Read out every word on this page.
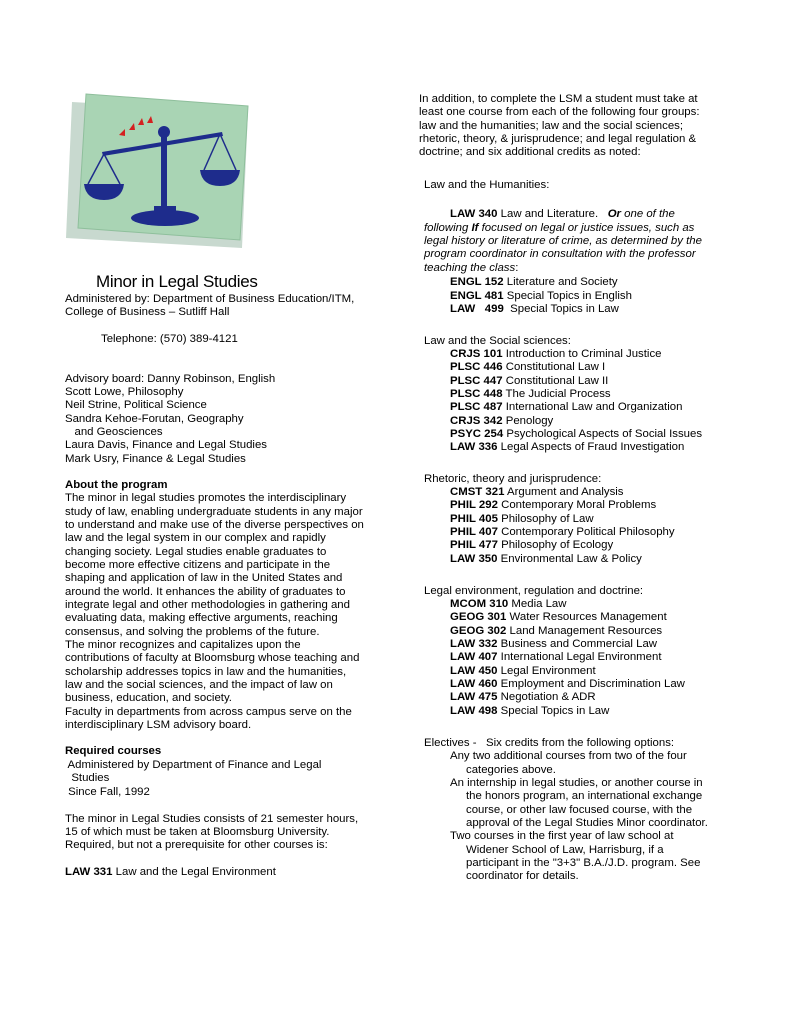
Minor in Legal Studies
Administered by: Department of Business Education/ITM,
College of Business – Sutliff Hall
Telephone: (570) 389-4121
Advisory board: Danny Robinson, English
Scott Lowe, Philosophy
Neil Strine, Political Science
Sandra Kehoe-Forutan, Geography
and Geosciences
Laura Davis, Finance and Legal Studies
Mark Usry, Finance & Legal Studies
About the program
The minor in legal studies promotes the interdisciplinary
study of law, enabling undergraduate students in any major
to understand and make use of the diverse perspectives on
law and the legal system in our complex and rapidly
changing society. Legal studies enable graduates to
become more effective citizens and participate in the
shaping and application of law in the United States and
around the world. It enhances the ability of graduates to
integrate legal and other methodologies in gathering and
evaluating data, making effective arguments, reaching
consensus, and solving the problems of the future.
The minor recognizes and capitalizes upon the
contributions of faculty at Bloomsburg whose teaching and
scholarship addresses topics in law and the humanities,
law and the social sciences, and the impact of law on
business, education, and society.
Faculty in departments from across campus serve on the
interdisciplinary LSM advisory board.
Required courses
Administered by Department of Finance and Legal
Studies
Since Fall, 1992
The minor in Legal Studies consists of 21 semester hours,
15 of which must be taken at Bloomsburg University.
Required, but not a prerequisite for other courses is:
LAW 331 Law and the Legal Environment
In addition, to complete the LSM a student must take at
least one course from each of the following four groups:
law and the humanities; law and the social sciences;
rhetoric, theory, & jurisprudence; and legal regulation &
doctrine; and six additional credits as noted:
Law and the Humanities:
LAW 340 Law and Literature. Or one of the
following If focused on legal or justice issues, such as
legal history or literature of crime, as determined by the
program coordinator in consultation with the professor
teaching the class:
ENGL 152 Literature and Society
ENGL 481 Special Topics in English
LAW   499  Special Topics in Law
Law and the Social sciences:
CRJS 101 Introduction to Criminal Justice
PLSC 446 Constitutional Law I
PLSC 447 Constitutional Law II
PLSC 448 The Judicial Process
PLSC 487 International Law and Organization
CRJS 342 Penology
PSYC 254 Psychological Aspects of Social Issues
LAW 336 Legal Aspects of Fraud Investigation
Rhetoric, theory and jurisprudence:
CMST 321 Argument and Analysis
PHIL 292 Contemporary Moral Problems
PHIL 405 Philosophy of Law
PHIL 407 Contemporary Political Philosophy
PHIL 477 Philosophy of Ecology
LAW 350 Environmental Law & Policy
Legal environment, regulation and doctrine:
MCOM 310 Media Law
GEOG 301 Water Resources Management
GEOG 302 Land Management Resources
LAW 332 Business and Commercial Law
LAW 407 International Legal Environment
LAW 450 Legal Environment
LAW 460 Employment and Discrimination Law
LAW 475 Negotiation & ADR
LAW 498 Special Topics in Law
Electives -   Six credits from the following options:
Any two additional courses from two of the four
categories above.
An internship in legal studies, or another course in
the honors program, an international exchange
course, or other law focused course, with the
approval of the Legal Studies Minor coordinator.
Two courses in the first year of law school at
Widener School of Law, Harrisburg, if a
participant in the "3+3" B.A./J.D. program. See
coordinator for details.
